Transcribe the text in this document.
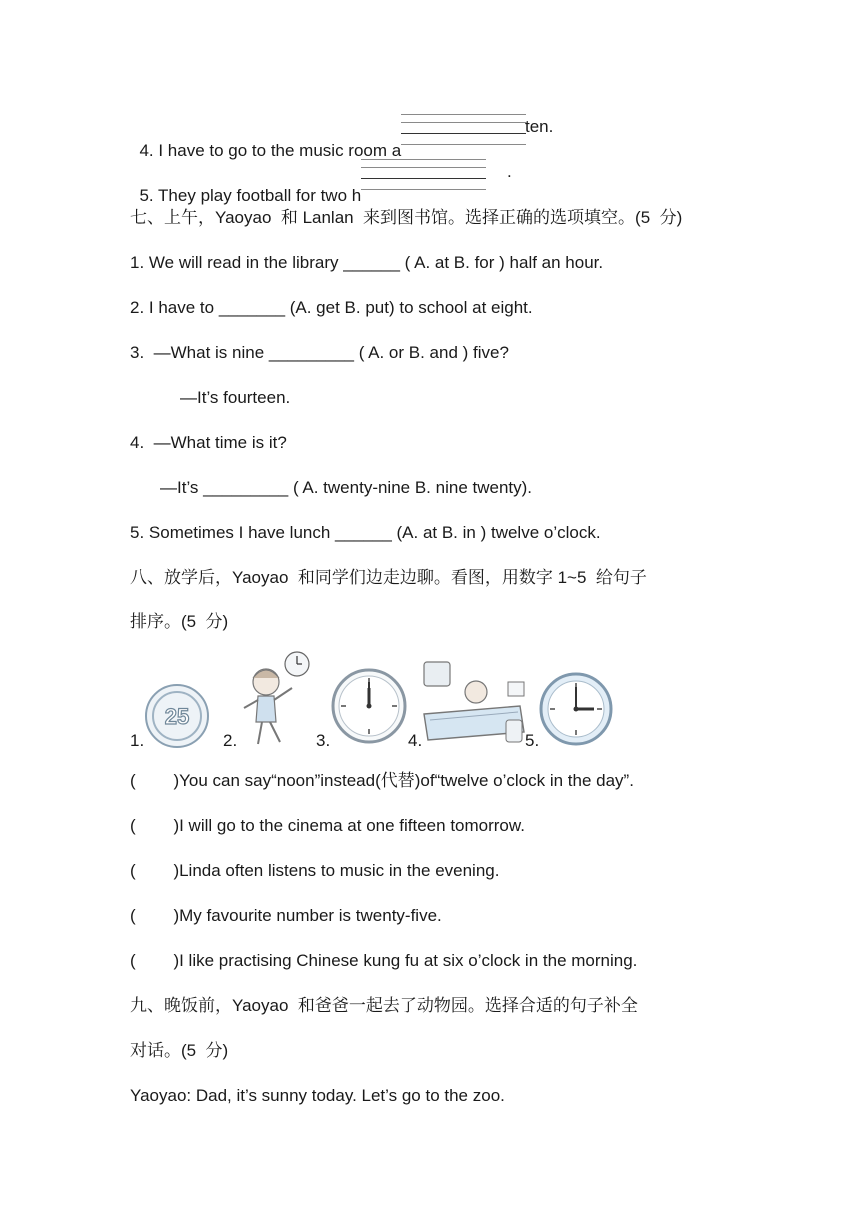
4. I have to go to the music room a

ten.

5. They play football for two h

.
七、上午，Yaoyao  和 Lanlan  来到图书馆。选择正确的选项填空。(5  分)
1. We will read in the library ______ ( A. at B. for ) half an hour.
2. I have to _______ (A. get B. put) to school at eight.
3.  —What is nine _________ ( A. or B. and ) five?
—It’s fourteen.
4.  —What time is it?
—It’s _________ ( A. twenty-nine B. nine twenty).
5. Sometimes I have lunch ______ (A. at B. in ) twelve o’clock.
八、放学后，Yaoyao  和同学们边走边聊。看图，用数字 1~5  给句子
排序。(5  分)
1.	2.	3.	4.	5.
25
(        )You can say“noon”instead(代替)of“twelve o’clock in the day”.
(        )I will go to the cinema at one fifteen tomorrow.
(        )Linda often listens to music in the evening.
(        )My favourite number is twenty-five.
(        )I like practising Chinese kung fu at six o’clock in the morning.
九、晚饭前，Yaoyao  和爸爸一起去了动物园。选择合适的句子补全
对话。(5  分)
Yaoyao: Dad, it’s sunny today. Let’s go to the zoo.
